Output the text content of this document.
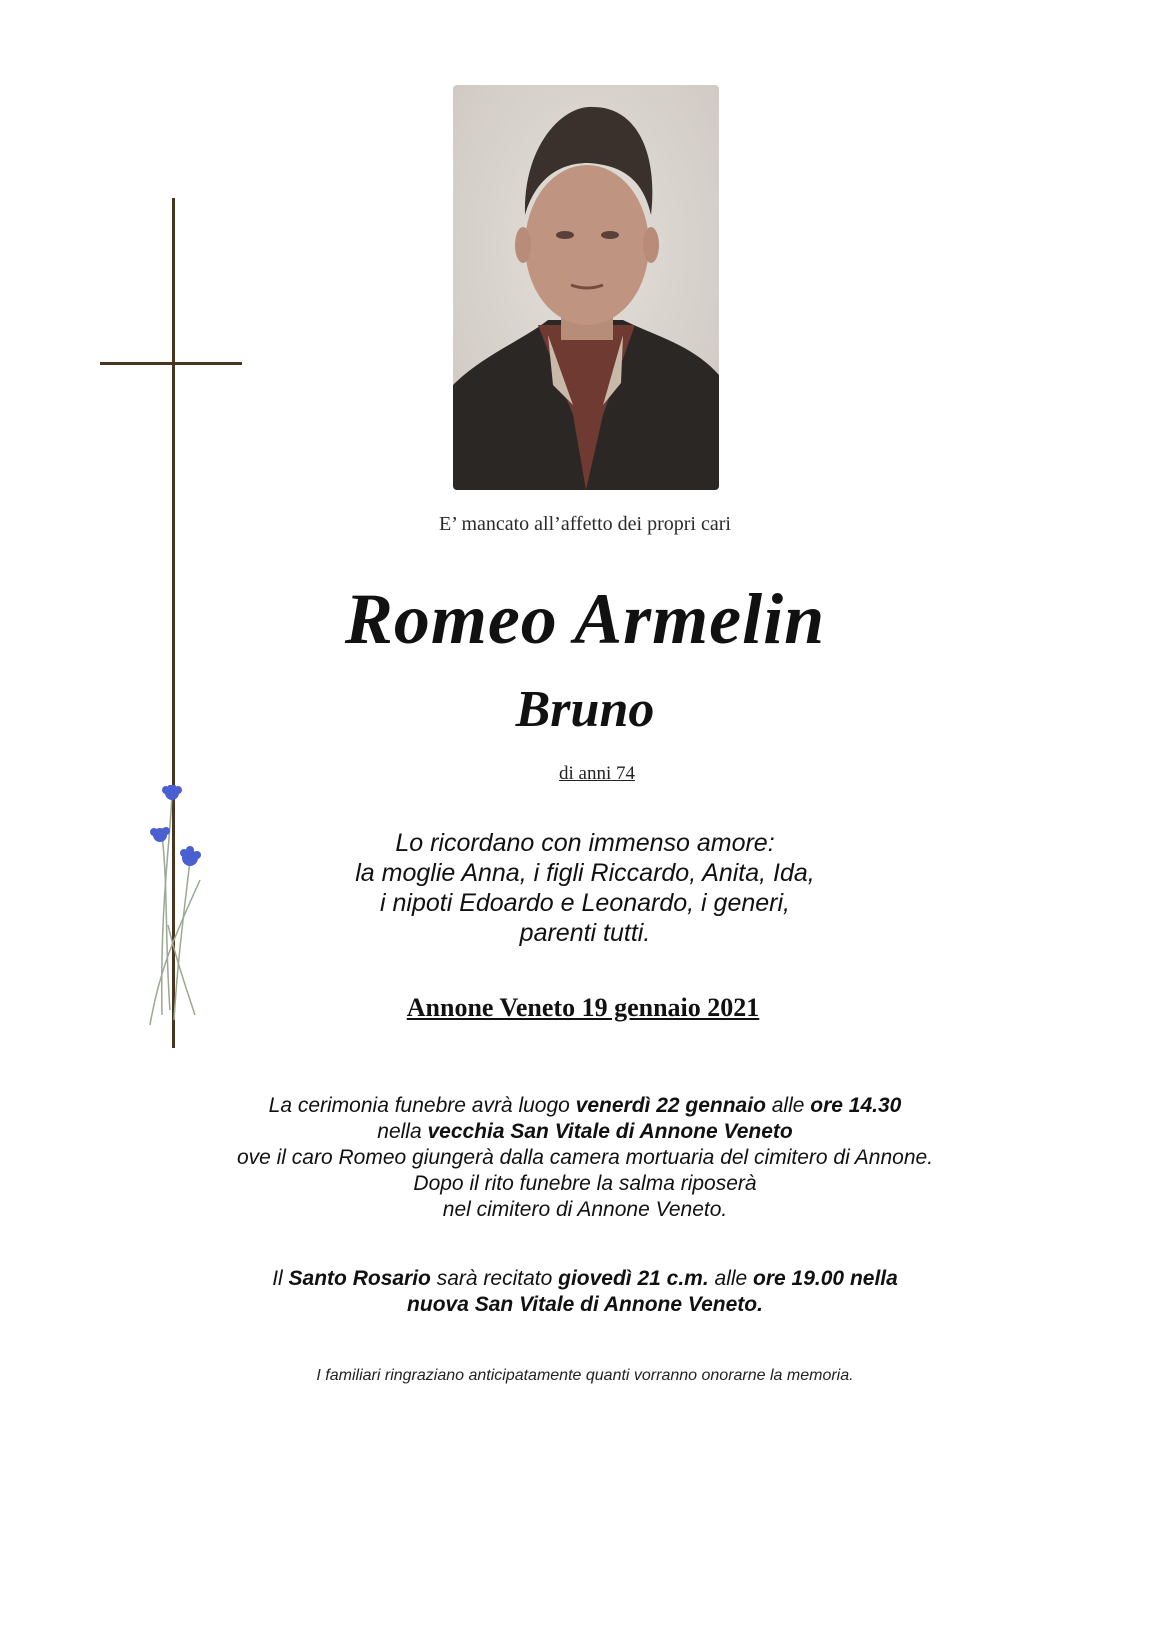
E’ mancato all’affetto dei propri cari
Romeo Armelin
Bruno
di anni 74
Lo ricordano con immenso amore:
la moglie Anna, i figli Riccardo, Anita, Ida,
i nipoti Edoardo e Leonardo, i generi,
parenti tutti.
Annone Veneto 19 gennaio 2021
La cerimonia funebre avrà luogo venerdì 22 gennaio alle ore 14.30
nella vecchia San Vitale di Annone Veneto
ove il caro Romeo giungerà dalla camera mortuaria del cimitero di Annone.
Dopo il rito funebre la salma riposerà
nel cimitero di Annone Veneto.
Il Santo Rosario sarà recitato giovedì 21 c.m. alle ore 19.00 nella
nuova San Vitale di Annone Veneto.
I familiari ringraziano anticipatamente quanti vorranno onorarne la memoria.
